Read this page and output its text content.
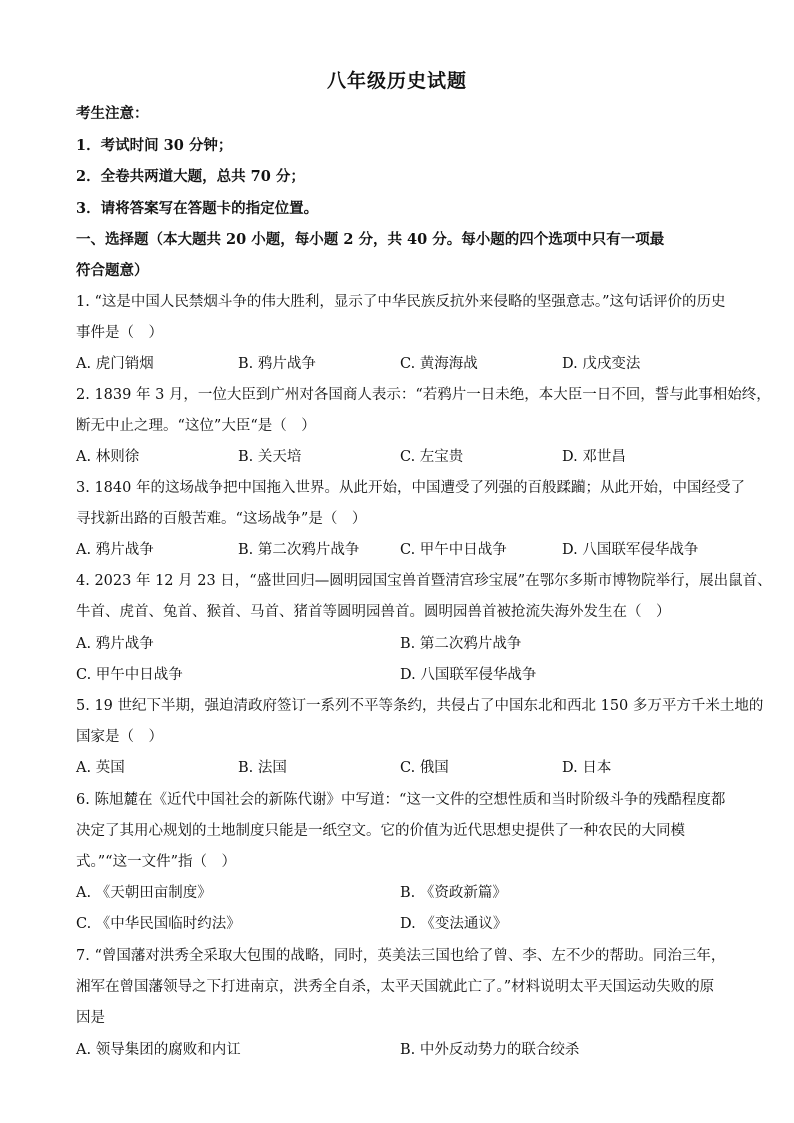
八年级历史试题
考生注意：
1．考试时间 30 分钟；
2．全卷共两道大题，总共 70 分；
3．请将答案写在答题卡的指定位置。
一、选择题（本大题共 20 小题，每小题 2 分，共 40 分。每小题的四个选项中只有一项最
符合题意）
1. “这是中国人民禁烟斗争的伟大胜利，显示了中华民族反抗外来侵略的坚强意志。”这句话评价的历史
事件是（　）
A. 虎门销烟	B. 鸦片战争	C. 黄海海战	D. 戊戌变法
2. 1839 年 3 月，一位大臣到广州对各国商人表示：“若鸦片一日未绝，本大臣一日不回，誓与此事相始终，
断无中止之理。“这位”大臣“是（　）
A. 林则徐	B. 关天培	C. 左宝贵	D. 邓世昌
3. 1840 年的这场战争把中国拖入世界。从此开始，中国遭受了列强的百般蹂躏；从此开始，中国经受了
寻找新出路的百般苦难。“这场战争”是（　）
A. 鸦片战争	B. 第二次鸦片战争	C. 甲午中日战争	D. 八国联军侵华战争
4. 2023 年 12 月 23 日，“盛世回归—圆明园国宝兽首暨清宫珍宝展”在鄂尔多斯市博物院举行，展出鼠首、
牛首、虎首、兔首、猴首、马首、猪首等圆明园兽首。圆明园兽首被抢流失海外发生在（　）
A. 鸦片战争	B. 第二次鸦片战争
C. 甲午中日战争	D. 八国联军侵华战争
5. 19 世纪下半期，强迫清政府签订一系列不平等条约，共侵占了中国东北和西北 150 多万平方千米土地的
国家是（　）
A. 英国	B. 法国	C. 俄国	D. 日本
6. 陈旭麓在《近代中国社会的新陈代谢》中写道：“这一文件的空想性质和当时阶级斗争的残酷程度都
决定了其用心规划的土地制度只能是一纸空文。它的价值为近代思想史提供了一种农民的大同模
式。”“这一文件”指（　）
A. 《天朝田亩制度》	B. 《资政新篇》
C. 《中华民国临时约法》	D. 《变法通议》
7. “曾国藩对洪秀全采取大包围的战略，同时，英美法三国也给了曾、李、左不少的帮助。同治三年，
湘军在曾国藩领导之下打进南京，洪秀全自杀，太平天国就此亡了。”材料说明太平天国运动失败的原
因是
A. 领导集团的腐败和内讧	B. 中外反动势力的联合绞杀
